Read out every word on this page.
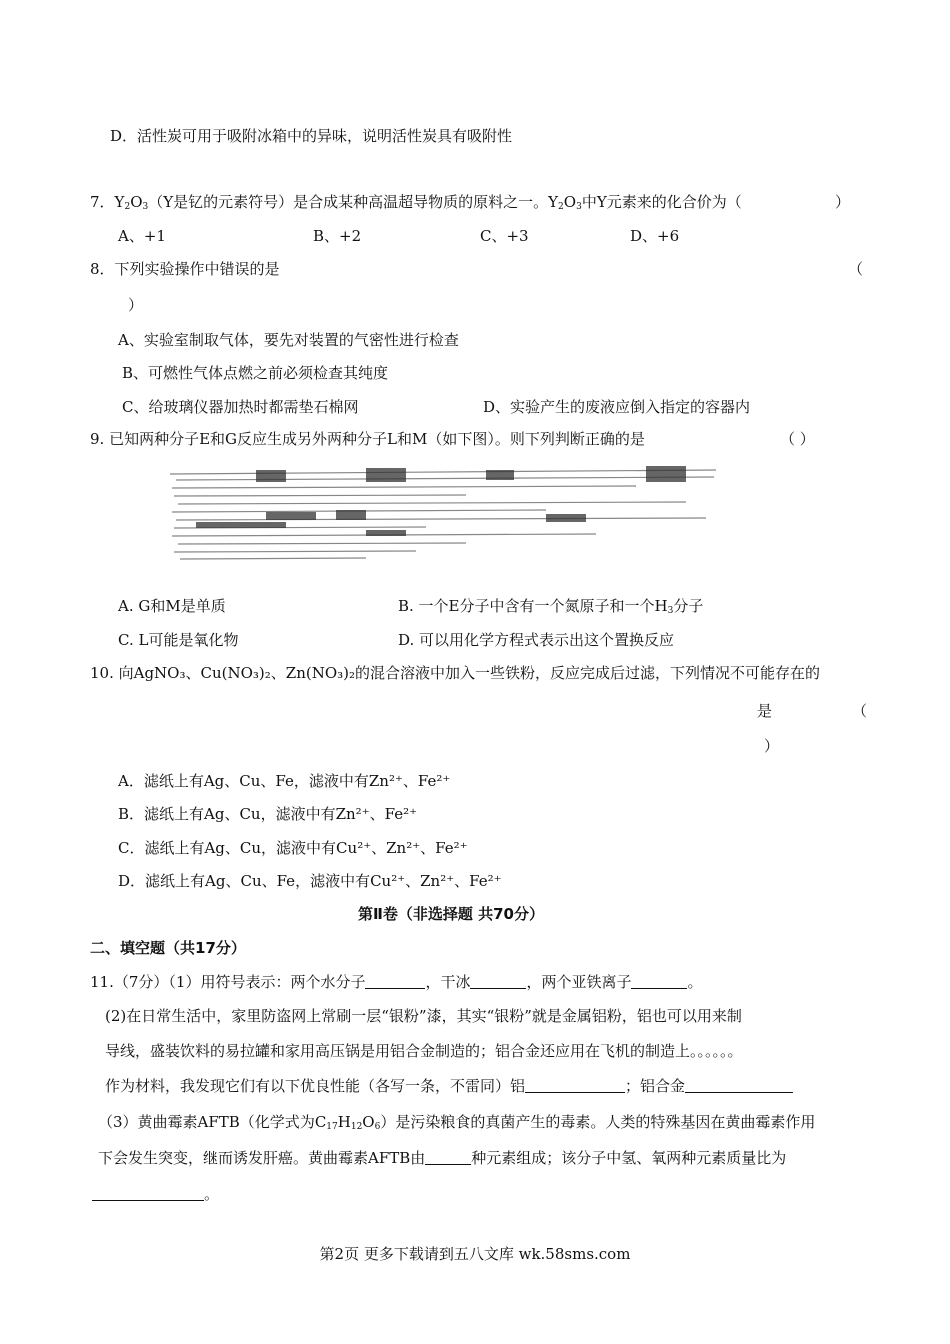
D．活性炭可用于吸附冰箱中的异味，说明活性炭具有吸附性
7．$Y_2O_3(Y$是钇的元素符号）是合成某种高温超导物质的原料之一。$Y_2O_3$中Y元素来的化合价为（	）
A、+1	B、+2	C、+3	D、+6
8．下列实验操作中错误的是	（
）
A、实验室制取气体，要先对装置的气密性进行检查
B、可燃性气体点燃之前必须检查其纯度
C、给玻璃仪器加热时都需垫石棉网	D、实验产生的废液应倒入指定的容器内
9. 已知两种分子E和G反应生成另外两种分子L和M（如下图）。则下列判断正确的是	（ ）
A. G和M是单质	B. 一个E分子中含有一个氮原子和一个$H_3$分子
C. L可能是氧化物	D. 可以用化学方程式表示出这个置换反应
10. 向AgNO₃、Cu(NO₃)₂、Zn(NO₃)₂的混合溶液中加入一些铁粉，反应完成后过滤，下列情况不可能存在的
是	（
）
A．滤纸上有Ag、Cu、Fe，滤液中有Zn²⁺、Fe²⁺
B．滤纸上有Ag、Cu，滤液中有Zn²⁺、Fe²⁺
C．滤纸上有Ag、Cu，滤液中有Cu²⁺、Zn²⁺、Fe²⁺
D．滤纸上有Ag、Cu、Fe，滤液中有Cu²⁺、Zn²⁺、Fe²⁺
第Ⅱ卷（非选择题 共70分）
二、填空题（共17分）
11.（7分）（1）用符号表示：两个水分子	，干冰	，两个亚铁离子	。
(2)在日常生活中，家里防盗网上常刷一层“银粉”漆，其实“银粉”就是金属铝粉，铝也可以用来制
导线，盛装饮料的易拉罐和家用高压锅是用铝合金制造的；铝合金还应用在飞机的制造上。。。。。。
作为材料，我发现它们有以下优良性能（各写一条，不雷同）铝	；铝合金
（3）黄曲霉素AFTB（化学式为$C_{17}H_{12}O_6$）是污染粮食的真菌产生的毒素。人类的特殊基因在黄曲霉素作用
下会发生突变，继而诱发肝癌。黄曲霉素AFTB由	种元素组成；该分子中氢、氧两种元素质量比为
。
第2页 更多下载请到五八文库 wk.58sms.com
